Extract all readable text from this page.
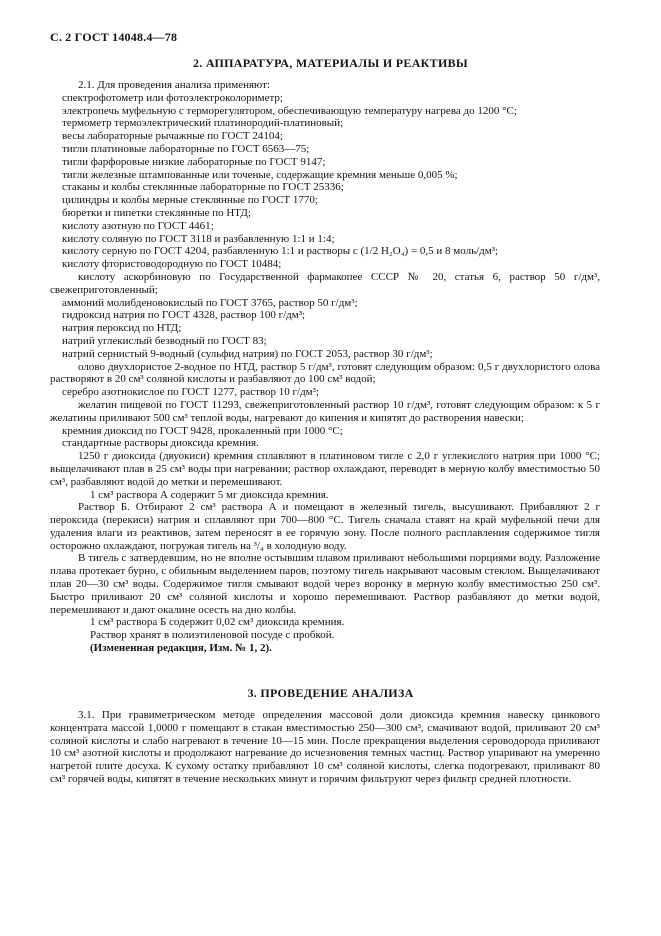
С. 2 ГОСТ 14048.4—78
2. АППАРАТУРА, МАТЕРИАЛЫ И РЕАКТИВЫ

2.1. Для проведения анализа применяют:

спектрофотометр или фотоэлектроколориметр;

электропечь муфельную с терморегулятором, обеспечивающую температуру нагрева до 1200 °С;

термометр термоэлектрический платинородий-платиновый;

весы лабораторные рычажные по ГОСТ 24104;

тигли платиновые лабораторные по ГОСТ 6563—75;

тигли фарфоровые низкие лабораторные по ГОСТ 9147;

тигли железные штампованные или точеные, содержащие кремния меньше 0,005 %;

стаканы и колбы стеклянные лабораторные по ГОСТ 25336;

цилиндры и колбы мерные стеклянные по ГОСТ 1770;

бюретки и пипетки стеклянные по НТД;

кислоту азотную по ГОСТ 4461;

кислоту соляную по ГОСТ 3118 и разбавленную 1:1 и 1:4;

кислоту серную по ГОСТ 4204, разбавленную 1:1 и растворы с (1/2 H₂O₄) = 0,5 и 8 моль/дм³;

кислоту фтористоводородную по ГОСТ 10484;

кислоту аскорбиновую по Государственной фармакопее СССР № 20, статья 6, раствор 50 г/дм³, свежеприготовленный;

аммоний молибденовокислый по ГОСТ 3765, раствор 50 г/дм³;

гидроксид натрия по ГОСТ 4328, раствор 100 г/дм³;

натрия пероксид по НТД;

натрий углекислый безводный по ГОСТ 83;

натрий сернистый 9-водный (сульфид натрия) по ГОСТ 2053, раствор 30 г/дм³;

олово двухлористое 2-водное по НТД, раствор 5 г/дм³, готовят следующим образом: 0,5 г двухлористого олова растворяют в 20 см³ соляной кислоты и разбавляют до 100 см³ водой;

серебро азотнокислое по ГОСТ 1277, раствор 10 г/дм³;

желатин пищевой по ГОСТ 11293, свежеприготовленный раствор 10 г/дм³, готовят следующим образом: к 5 г желатины приливают 500 см³ теплой воды, нагревают до кипения и кипятят до растворения навески;

кремния диоксид по ГОСТ 9428, прокаленный при 1000 °С;

стандартные растворы диоксида кремния.

1250 г диоксида (двуокиси) кремния сплавляют в платиновом тигле с 2,0 г углекислого натрия при 1000 °С; выщелачивают плав в 25 см³ воды при нагревании; раствор охлаждают, переводят в мерную колбу вместимостью 50 см³, разбавляют водой до метки и перемешивают.

1 см³ раствора А содержит 5 мг диоксида кремния.

Раствор Б. Отбирают 2 см³ раствора А и помещают в железный тигель, высушивают. Прибавляют 2 г пероксида (перекиси) натрия и сплавляют при 700—800 °С. Тигель сначала ставят на край муфельной печи для удаления влаги из реактивов, затем переносят в ее горячую зону. После полного расплавления содержимое тигля осторожно охлаждают, погружая тигель на ³/₄ в холодную воду.

В тигель с затвердевшим, но не вполне остывшим плавом приливают небольшими порциями воду. Разложение плава протекает бурно, с обильным выделением паров, поэтому тигель накрывают часовым стеклом. Выщелачивают плав 20—30 см³ воды. Содержимое тигля смывают водой через воронку в мерную колбу вместимостью 250 см³. Быстро приливают 20 см³ соляной кислоты и хорошо перемешивают. Раствор разбавляют до метки водой, перемешивают и дают окалине осесть на дно колбы.

1 см³ раствора Б содержит 0,02 см³ диоксида кремния.

Раствор хранят в полиэтиленовой посуде с пробкой.

(Измененная редакция, Изм. № 1, 2).

3. ПРОВЕДЕНИЕ АНАЛИЗА

3.1. При гравиметрическом методе определения массовой доли диоксида кремния навеску цинкового концентрата массой 1,0000 г помещают в стакан вместимостью 250—300 см³, смачивают водой, приливают 20 см³ соляной кислоты и слабо нагревают в течение 10—15 мин. После прекращения выделения сероводорода приливают 10 см³ азотной кислоты и продолжают нагревание до исчезновения темных частиц. Раствор упаривают на умеренно нагретой плите досуха. К сухому остатку прибавляют 10 см³ соляной кислоты, слегка подогревают, приливают 80 см³ горячей воды, кипятят в течение нескольких минут и горячим фильтруют через фильтр средней плотности.
